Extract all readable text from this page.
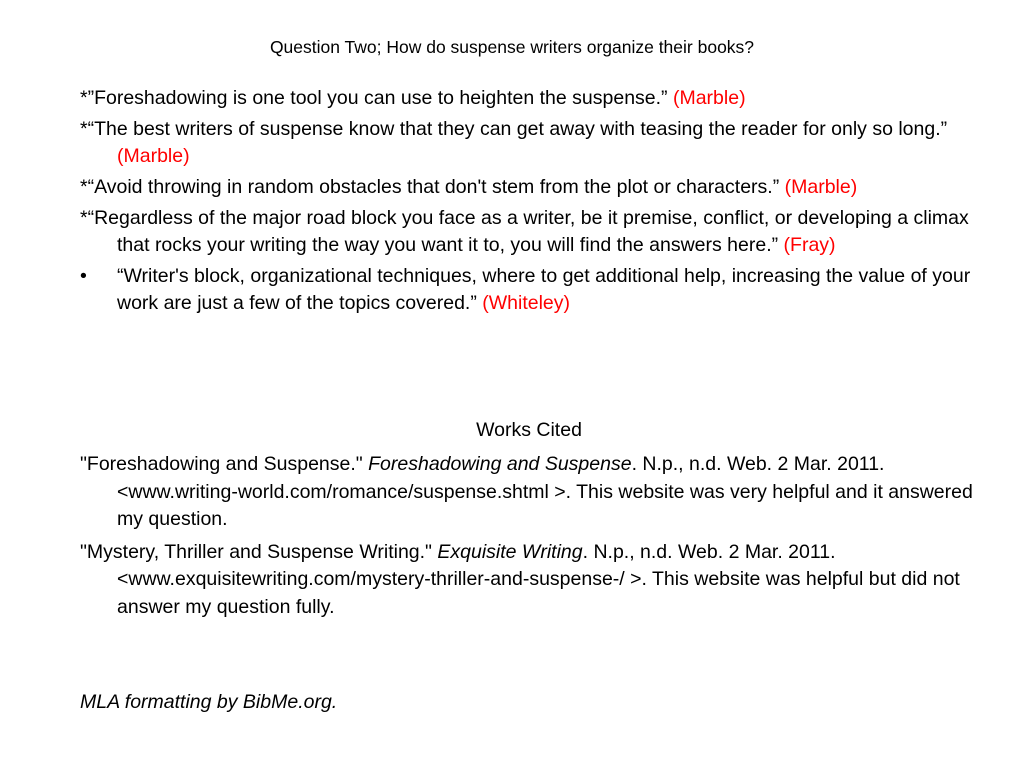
Question Two; How do suspense writers organize their books?
*”Foreshadowing is one tool you can use to heighten the suspense.” (Marble)
*“The best writers of suspense know that they can get away with teasing the reader for only so long.” (Marble)
*“Avoid throwing in random obstacles that don't stem from the plot or characters.” (Marble)
*“Regardless of the major road block you face as a writer, be it premise, conflict, or developing a climax that rocks your writing the way you want it to, you will find the answers here.” (Fray)
•	“Writer's block, organizational techniques, where to get additional help, increasing the value of your work are just a few of the topics covered.” (Whiteley)
Works Cited
"Foreshadowing and Suspense." Foreshadowing and Suspense. N.p., n.d. Web. 2 Mar. 2011. <www.writing-world.com/romance/suspense.shtml >. This website was very helpful and it answered my question.
"Mystery, Thriller and Suspense Writing." Exquisite Writing. N.p., n.d. Web. 2 Mar. 2011. <www.exquisitewriting.com/mystery-thriller-and-suspense-/ >. This website was helpful but did not answer my question fully.
MLA formatting by BibMe.org.
